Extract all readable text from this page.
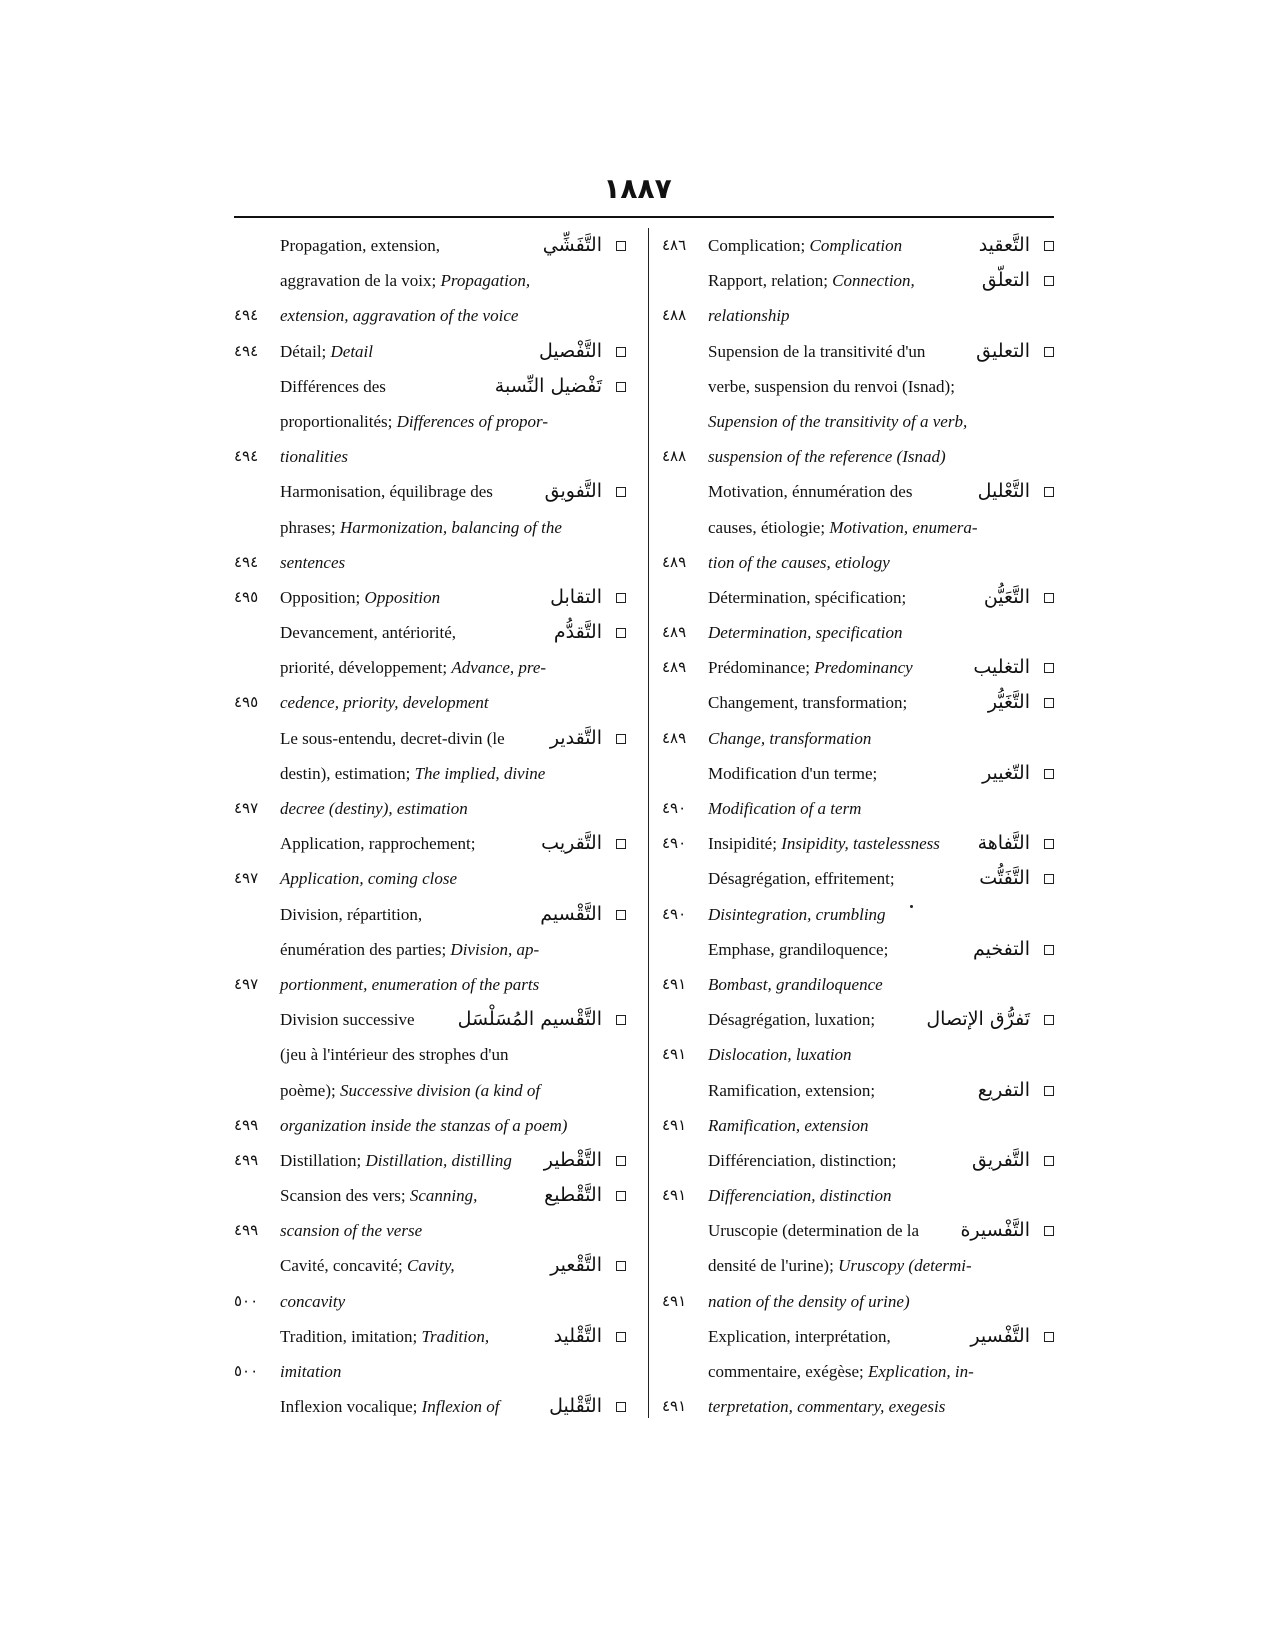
١٨٨٧
Propagation, extension,	التَّفَشِّي
aggravation de la voix; Propagation,
٤٩٤	extension, aggravation of the voice
٤٩٤	Détail; Detail	التَّفْصيل
Différences des	تَفْضيل النِّسبة
proportionalités; Differences of propor-
٤٩٤	tionalities
Harmonisation, équilibrage des	التَّفويق
phrases; Harmonization, balancing of the
٤٩٤	sentences
٤٩٥	Opposition; Opposition	التقابل
Devancement, antériorité,	التَّقدُّم
priorité, développement; Advance, pre-
٤٩٥	cedence, priority, development
Le sous-entendu, decret-divin (le التَّقدير
destin), estimation; The implied, divine
٤٩٧	decree (destiny), estimation
Application, rapprochement;	التَّقريب
٤٩٧	Application, coming close
Division, répartition,	التَّقْسيم
énumération des parties; Division, ap-
٤٩٧	portionment, enumeration of the parts
Division successive التَّقْسيم المُسَلْسَل
(jeu à l'intérieur des strophes d'un
poème); Successive division (a kind of
٤٩٩	organization inside the stanzas of a poem)
٤٩٩	Distillation; Distillation, distilling التَّقْطير
Scansion des vers; Scanning,	التَّقْطيع
٤٩٩	scansion of the verse
Cavité, concavité; Cavity,	التَّقْعير
٥٠٠	concavity
Tradition, imitation; Tradition,	التَّقْليد
٥٠٠	imitation
Inflexion vocalique; Inflexion of	التَّقْليل
٤٨٦	Complication; Complication	التَّعقيد
Rapport, relation; Connection,	التعلّق
٤٨٨	relationship
Supension de la transitivité d'un	التعليق
verbe, suspension du renvoi (Isnad);
Supension of the transitivity of a verb,
٤٨٨	suspension of the reference (Isnad)
Motivation, énnumération des	التَّعْليل
causes, étiologie; Motivation, enumera-
٤٨٩	tion of the causes, etiology
Détermination, spécification;	التَّعَيُّن
٤٨٩	Determination, specification
٤٨٩	Prédominance; Predominancy	التغليب
Changement, transformation;	التَّغَيُّر
٤٨٩	Change, transformation
Modification d'un terme;	التّغيير
٤٩٠	Modification of a term
٤٩٠	Insipidité; Insipidity, tastelessness التَّفاهة
Désagrégation, effritement;	التَّفَتُّت
٤٩٠	Disintegration, crumbling
Emphase, grandiloquence;	التفخيم
٤٩١	Bombast, grandiloquence
Désagrégation, luxation;	تَفرُّق الإتصال
٤٩١	Dislocation, luxation
Ramification, extension;	التفريع
٤٩١	Ramification, extension
Différenciation, distinction;	التَّفريق
٤٩١	Differenciation, distinction
Uruscopie (determination de la التَّفْسيرة
densité de l'urine); Uruscopy (determi-
٤٩١	nation of the density of urine)
Explication, interprétation,	التَّفْسير
commentaire, exégèse; Explication, in-
٤٩١	terpretation, commentary, exegesis
